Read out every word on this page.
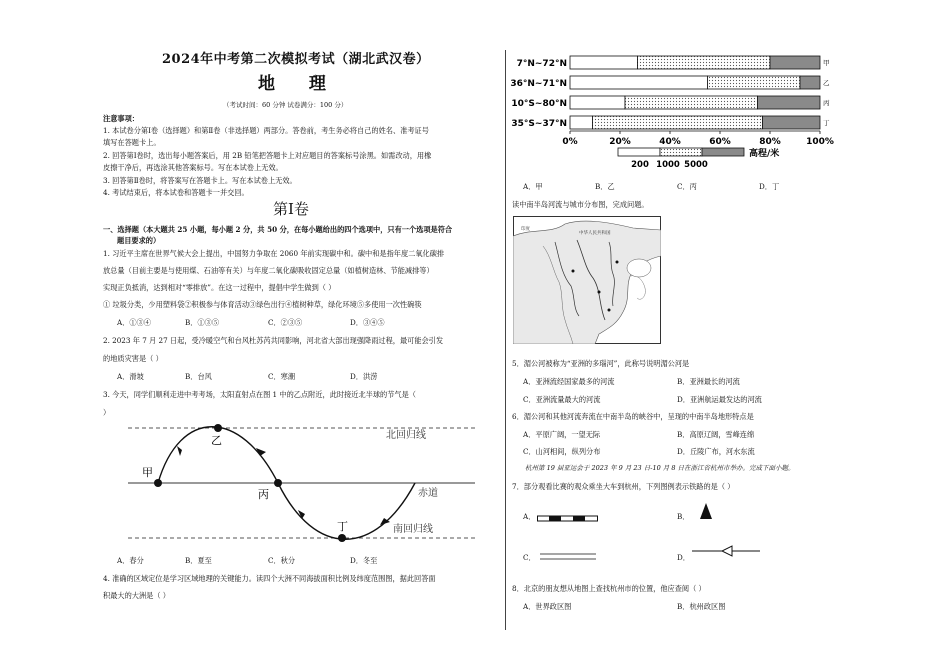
2024年中考第二次模拟考试（湖北武汉卷）
地 理
（考试时间：60 分钟 试卷满分：100 分）
注意事项：
1. 本试卷分第Ⅰ卷（选择题）和第Ⅱ卷（非选择题）两部分。答卷前，考生务必将自己的姓名、准考证号
填写在答题卡上。
2. 回答第Ⅰ卷时，选出每小题答案后，用 2B 铅笔把答题卡上对应题目的答案标号涂黑。如需改动，用橡
皮擦干净后，再选涂其他答案标号。写在本试卷上无效。
3. 回答第Ⅱ卷时，将答案写在答题卡上。写在本试卷上无效。
4. 考试结束后，将本试卷和答题卡一并交回。
第Ⅰ卷
一、选择题（本大题共 25 小题，每小题 2 分，共 50 分，在每小题给出的四个选项中，只有一个选项是符合
题目要求的）
1. 习近平主席在世界气候大会上提出，中国努力争取在 2060 年前实现碳中和。碳中和是指年度二氧化碳排
放总量（目前主要是与使用煤、石油等有关）与年度二氧化碳吸收固定总量（如植树造林、节能减排等）
实现正负抵消，达到相对“零排放”。在这一过程中，提倡中学生做到（ ）
① 垃圾分类，少用塑料袋②积极参与体育活动③绿色出行④植树种草，绿化环境⑤多使用一次性碗筷
A．①③④	B．①③⑤	C．②③⑤	D．③④⑤
2. 2023 年 7 月 27 日起，受冷暖空气和台风杜苏芮共同影响，河北省大部出现强降雨过程，最可能会引发
的地质灾害是（ ）
A．滑坡	B．台风	C．寒潮	D．洪涝
3. 今天，同学们顺利走进中考考场，太阳直射点在图 1 中的乙点附近，此时接近北半球的节气是（
）
甲
乙
丙
丁
北回归线
赤道
南回归线
A．春分	B．夏至	C．秋分	D．冬至
4. 准确的区域定位是学习区域地理的关键能力。读四个大洲不同海拔面积比例及纬度范围图，据此回答面
积最大的大洲是（ ）
7°N~72°N
36°N~71°N
10°S~80°N
35°S~37°N
甲
乙
丙
丁
0%	20%	40%	60%	80%	100%
200 1000 5000
高程/米
A．甲	B．乙	C．丙	D．丁
读中南半岛河流与城市分布图，完成问题。
中华人民共和国
印度
5．湄公河被称为“亚洲的多瑙河”，此称号说明湄公河是
A．亚洲流经国家最多的河流	B．亚洲最长的河流
C．亚洲流量最大的河流	D．亚洲航运最发达的河流
6．湄公河和其他河流奔流在中南半岛的峡谷中，呈现的中南半岛地形特点是
A．平原广阔，一望无际	B．高原辽阔，雪峰连绵
C．山河相间，纵列分布	D．丘陵广布，河水东流
杭州第 19 届亚运会于 2023 年 9 月 23 日-10 月 8 日在浙江省杭州市举办。完成下面小题。
7．部分观看比赛的观众乘坐大车到杭州，下列图例表示铁路的是（ ）
A．	B．
C．	D．
8．北京的朋友想从地图上查找杭州市的位置，他应查阅（ ）
A．世界政区图	B．杭州政区图
